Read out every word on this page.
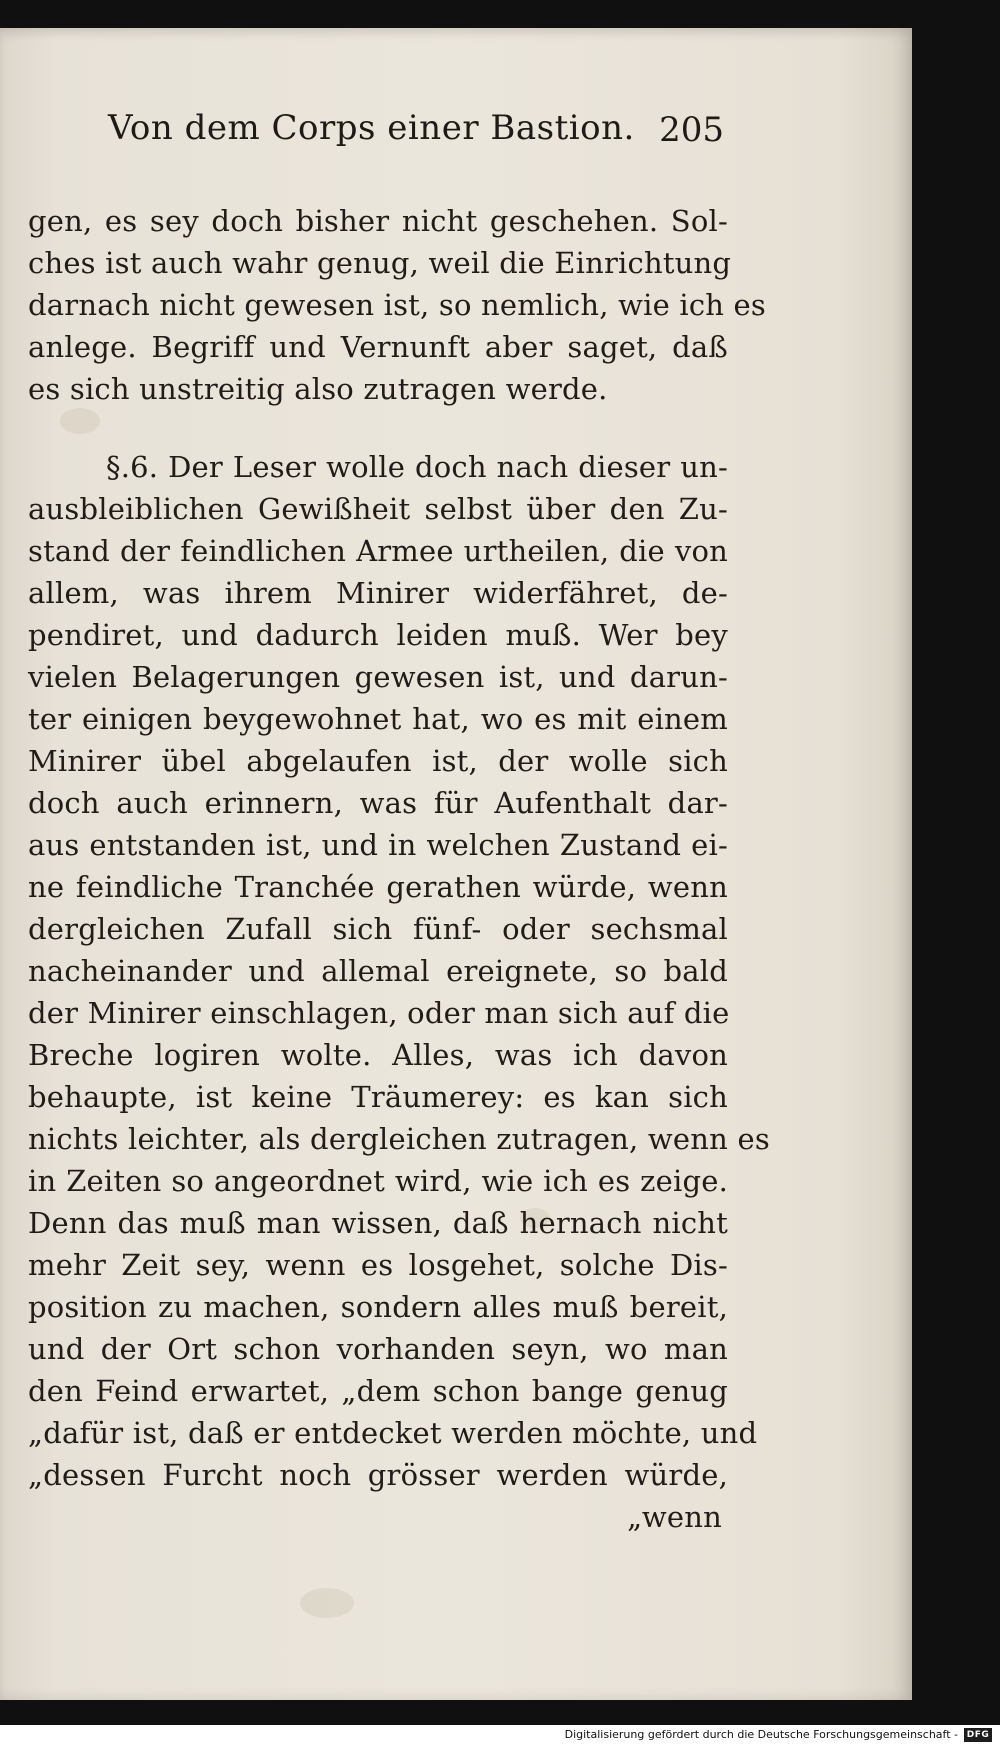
Von dem Corps einer Bastion. 205
gen, es sey doch bisher nicht geschehen. Sol-
ches ist auch wahr genug, weil die Einrichtung
darnach nicht gewesen ist, so nemlich, wie ich es
anlege. Begriff und Vernunft aber saget, daß
es sich unstreitig also zutragen werde.
§.6. Der Leser wolle doch nach dieser un-
ausbleiblichen Gewißheit selbst über den Zu-
stand der feindlichen Armee urtheilen, die von
allem, was ihrem Minirer widerfähret, de-
pendiret, und dadurch leiden muß. Wer bey
vielen Belagerungen gewesen ist, und darun-
ter einigen beygewohnet hat, wo es mit einem
Minirer übel abgelaufen ist, der wolle sich
doch auch erinnern, was für Aufenthalt dar-
aus entstanden ist, und in welchen Zustand ei-
ne feindliche Tranchée gerathen würde, wenn
dergleichen Zufall sich fünf- oder sechsmal
nacheinander und allemal ereignete, so bald
der Minirer einschlagen, oder man sich auf die
Breche logiren wolte. Alles, was ich davon
behaupte, ist keine Träumerey: es kan sich
nichts leichter, als dergleichen zutragen, wenn es
in Zeiten so angeordnet wird, wie ich es zeige.
Denn das muß man wissen, daß hernach nicht
mehr Zeit sey, wenn es losgehet, solche Dis-
position zu machen, sondern alles muß bereit,
und der Ort schon vorhanden seyn, wo man
den Feind erwartet, „dem schon bange genug
„dafür ist, daß er entdecket werden möchte, und
„dessen Furcht noch grösser werden würde,
„wenn
Digitalisierung gefördert durch die Deutsche Forschungsgemeinschaft - DFG
